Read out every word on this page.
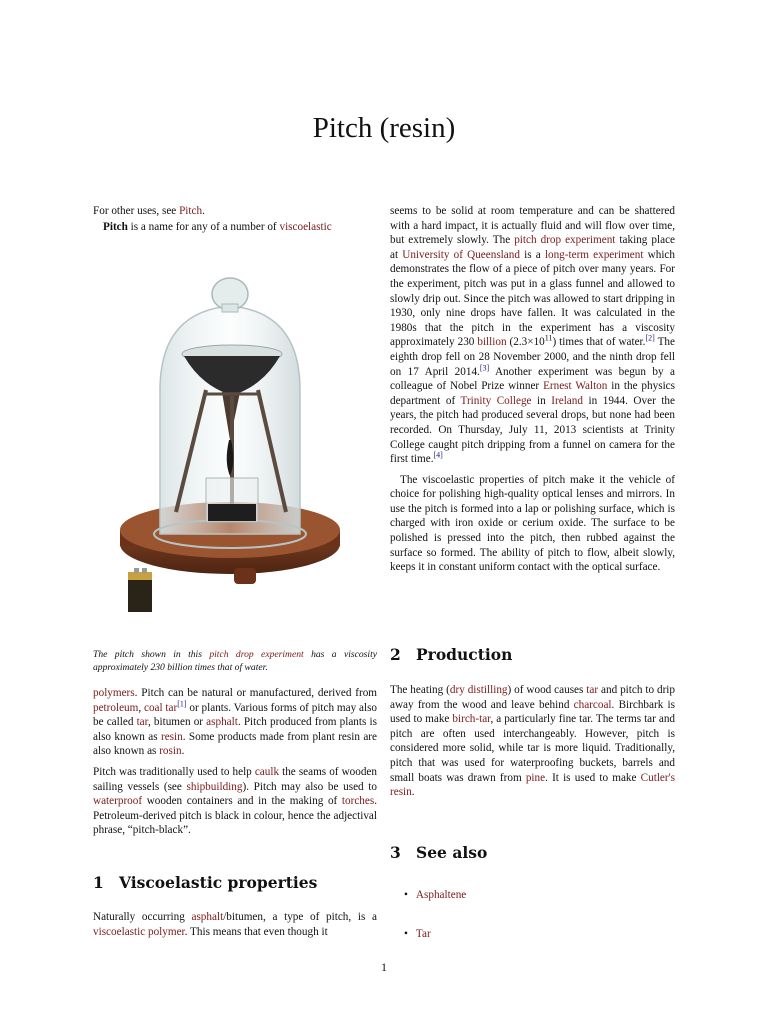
Pitch (resin)

For other uses, see Pitch.

Pitch is a name for any of a number of viscoelastic

The pitch shown in this pitch drop experiment has a viscosity approximately 230 billion times that of water.

polymers. Pitch can be natural or manufactured, derived from petroleum, coal tar[1] or plants. Various forms of pitch may also be called tar, bitumen or asphalt. Pitch produced from plants is also known as resin. Some products made from plant resin are also known as rosin.

Pitch was traditionally used to help caulk the seams of wooden sailing vessels (see shipbuilding). Pitch may also be used to waterproof wooden containers and in the making of torches. Petroleum-derived pitch is black in colour, hence the adjectival phrase, “pitch-black”.

1 Viscoelastic properties

Naturally occurring asphalt/bitumen, a type of pitch, is a viscoelastic polymer. This means that even though it

seems to be solid at room temperature and can be shattered with a hard impact, it is actually fluid and will flow over time, but extremely slowly. The pitch drop experiment taking place at University of Queensland is a long-term experiment which demonstrates the flow of a piece of pitch over many years. For the experiment, pitch was put in a glass funnel and allowed to slowly drip out. Since the pitch was allowed to start dripping in 1930, only nine drops have fallen. It was calculated in the 1980s that the pitch in the experiment has a viscosity approximately 230 billion $(2.3\times 10^{11})$ times that of water.[2] The eighth drop fell on 28 November 2000, and the ninth drop fell on 17 April 2014.[3] Another experiment was begun by a colleague of Nobel Prize winner Ernest Walton in the physics department of Trinity College in Ireland in 1944. Over the years, the pitch had produced several drops, but none had been recorded. On Thursday, July 11, 2013 scientists at Trinity College caught pitch dripping from a funnel on camera for the first time.[4]

The viscoelastic properties of pitch make it the vehicle of choice for polishing high-quality optical lenses and mirrors. In use the pitch is formed into a lap or polishing surface, which is charged with iron oxide or cerium oxide. The surface to be polished is pressed into the pitch, then rubbed against the surface so formed. The ability of pitch to flow, albeit slowly, keeps it in constant uniform contact with the optical surface.

2 Production

The heating (dry distilling) of wood causes tar and pitch to drip away from the wood and leave behind charcoal. Birchbark is used to make birch-tar, a particularly fine tar. The terms tar and pitch are often used interchangeably. However, pitch is considered more solid, while tar is more liquid. Traditionally, pitch that was used for waterproofing buckets, barrels and small boats was drawn from pine. It is used to make Cutler's resin.

3 See also
• Asphaltene
• Tar
1
